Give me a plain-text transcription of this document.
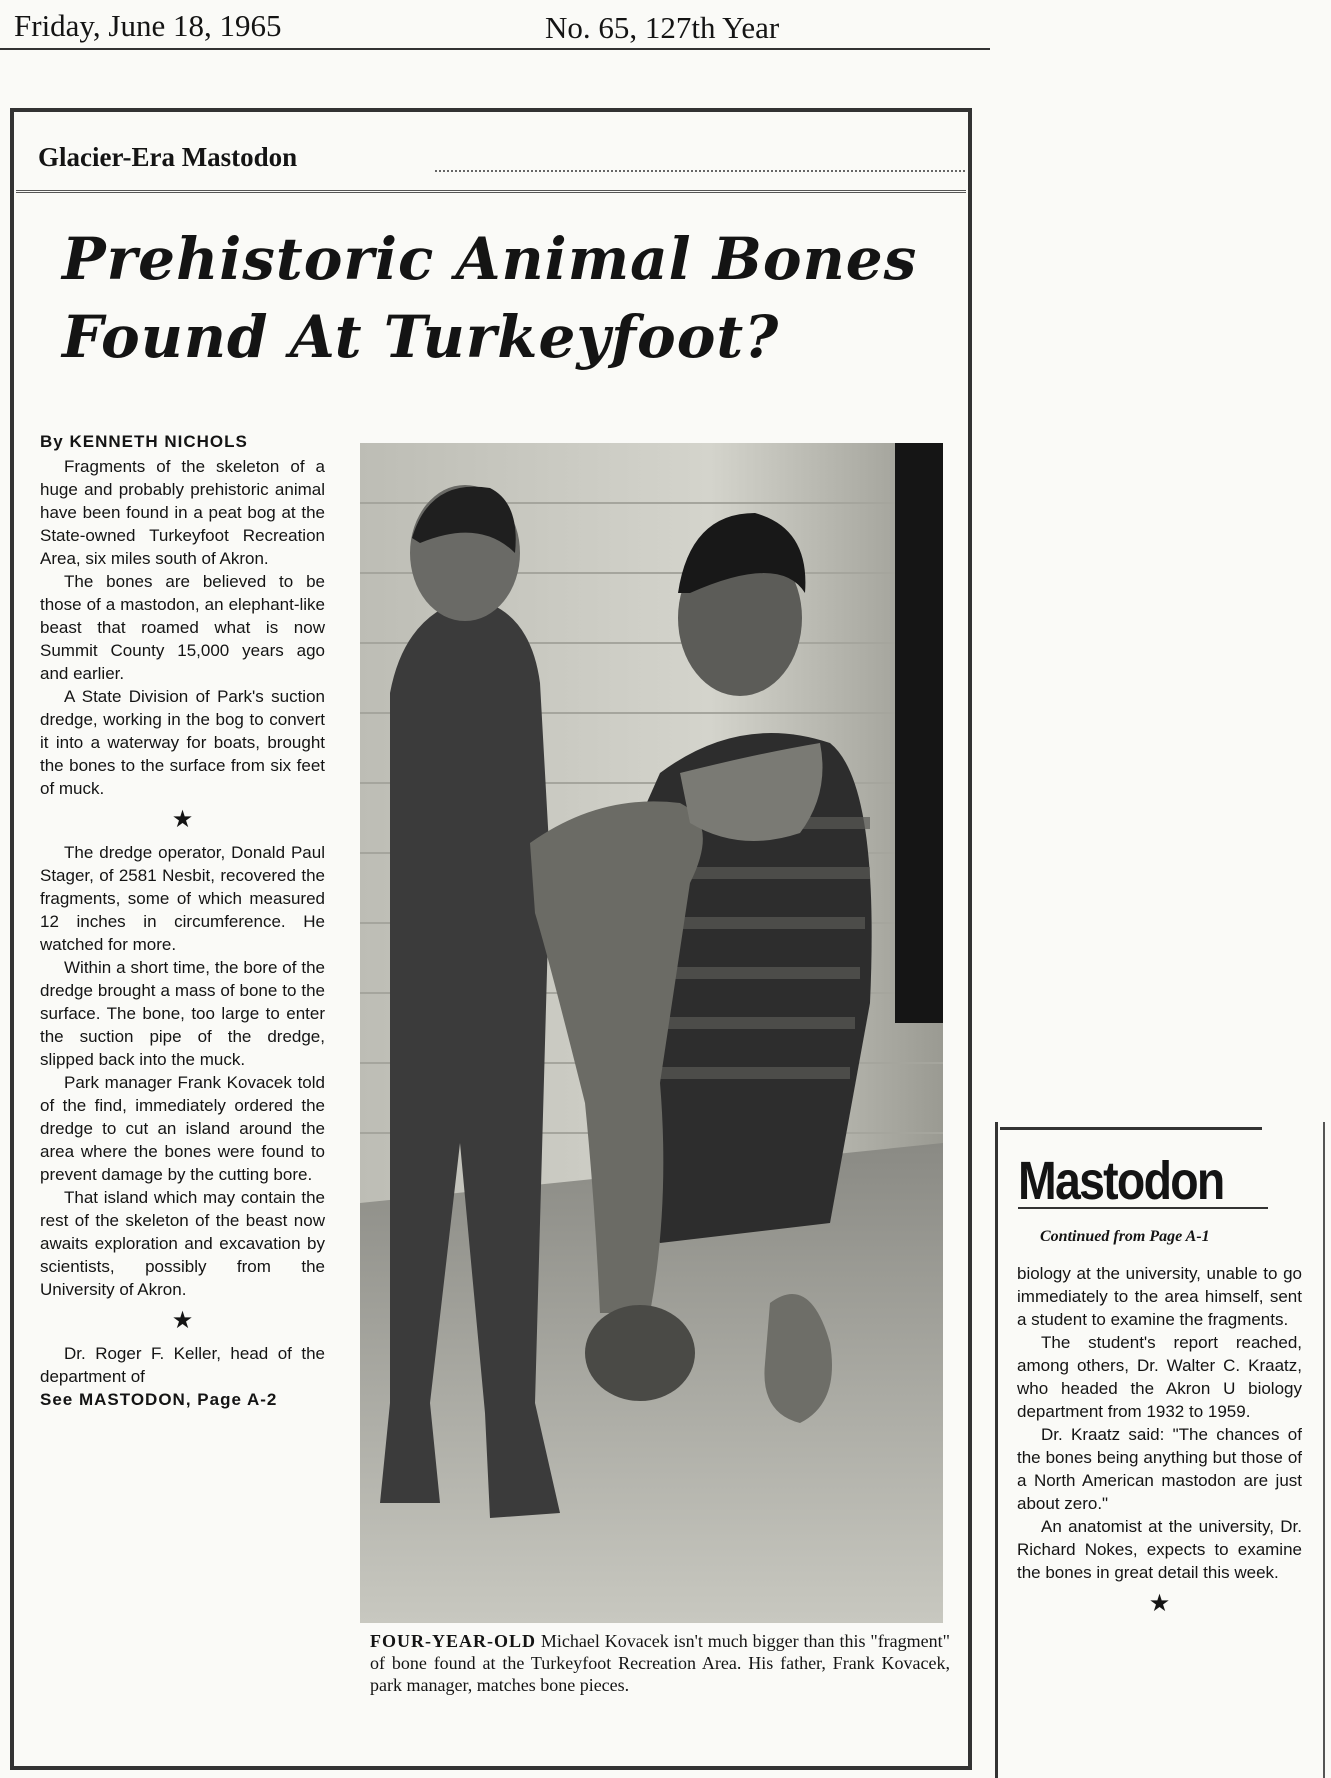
Friday, June 18, 1965	No. 65, 127th Year
Glacier-Era Mastodon
Prehistoric Animal Bones
Found At Turkeyfoot?

By KENNETH NICHOLS

Fragments of the skeleton of a huge and probably prehistoric animal have been found in a peat bog at the State-owned Turkeyfoot Recreation Area, six miles south of Akron.

The bones are believed to be those of a mastodon, an elephant-like beast that roamed what is now Summit County 15,000 years ago and earlier.

A State Division of Park's suction dredge, working in the bog to convert it into a waterway for boats, brought the bones to the surface from six feet of muck.

★

The dredge operator, Donald Paul Stager, of 2581 Nesbit, recovered the fragments, some of which measured 12 inches in circumference. He watched for more.

Within a short time, the bore of the dredge brought a mass of bone to the surface. The bone, too large to enter the suction pipe of the dredge, slipped back into the muck.

Park manager Frank Kovacek told of the find, immediately ordered the dredge to cut an island around the area where the bones were found to prevent damage by the cutting bore.

That island which may contain the rest of the skeleton of the beast now awaits exploration and excavation by scientists, possibly from the University of Akron.

★

Dr. Roger F. Keller, head of the department of

See MASTODON, Page A-2

FOUR-YEAR-OLD Michael Kovacek isn't much bigger than this "fragment" of bone found at the Turkeyfoot Recreation Area. His father, Frank Kovacek, park manager, matches bone pieces.
Mastodon
Continued from Page A-1

biology at the university, unable to go immediately to the area himself, sent a student to examine the fragments.

The student's report reached, among others, Dr. Walter C. Kraatz, who headed the Akron U biology department from 1932 to 1959.

Dr. Kraatz said: "The chances of the bones being anything but those of a North American mastodon are just about zero."

An anatomist at the university, Dr. Richard Nokes, expects to examine the bones in great detail this week.

★
